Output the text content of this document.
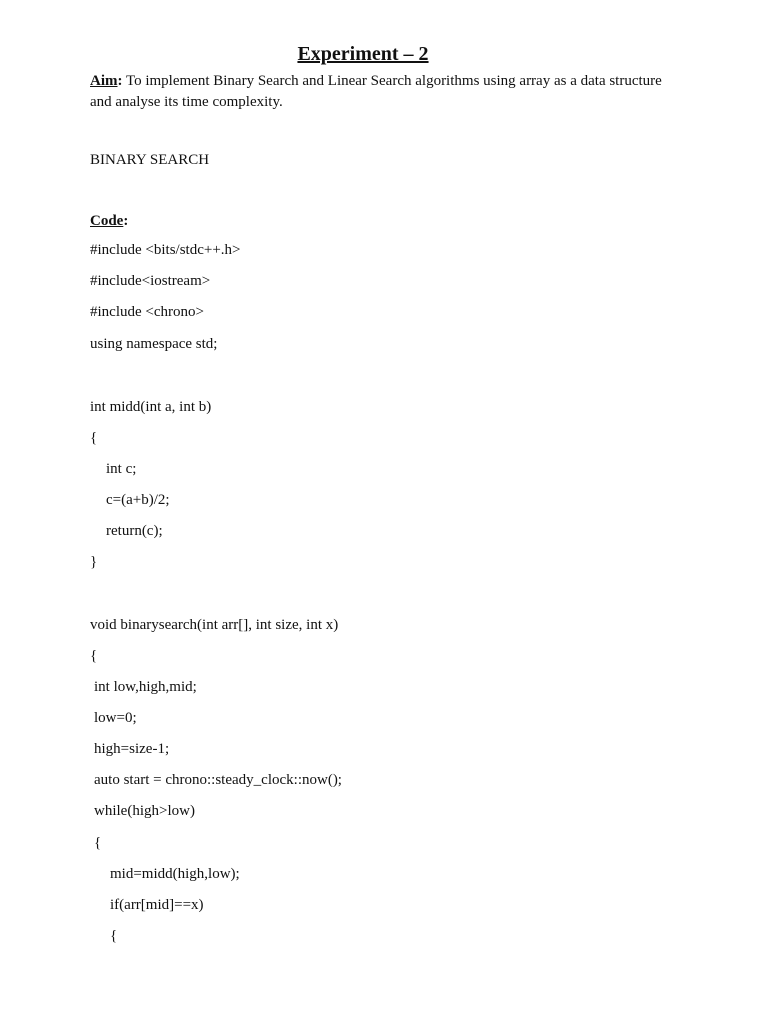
Experiment – 2

Aim: To implement Binary Search and Linear Search algorithms using array as a data structure and analyse its time complexity.

BINARY SEARCH

Code:

#include <bits/stdc++.h>

#include<iostream>

#include <chrono>

using namespace std;

int midd(int a, int b)

{

int c;

c=(a+b)/2;

return(c);

}

void binarysearch(int arr[], int size, int x)

{

int low,high,mid;

low=0;

high=size-1;

auto start = chrono::steady_clock::now();

while(high>low)

{

mid=midd(high,low);

if(arr[mid]==x)

{
